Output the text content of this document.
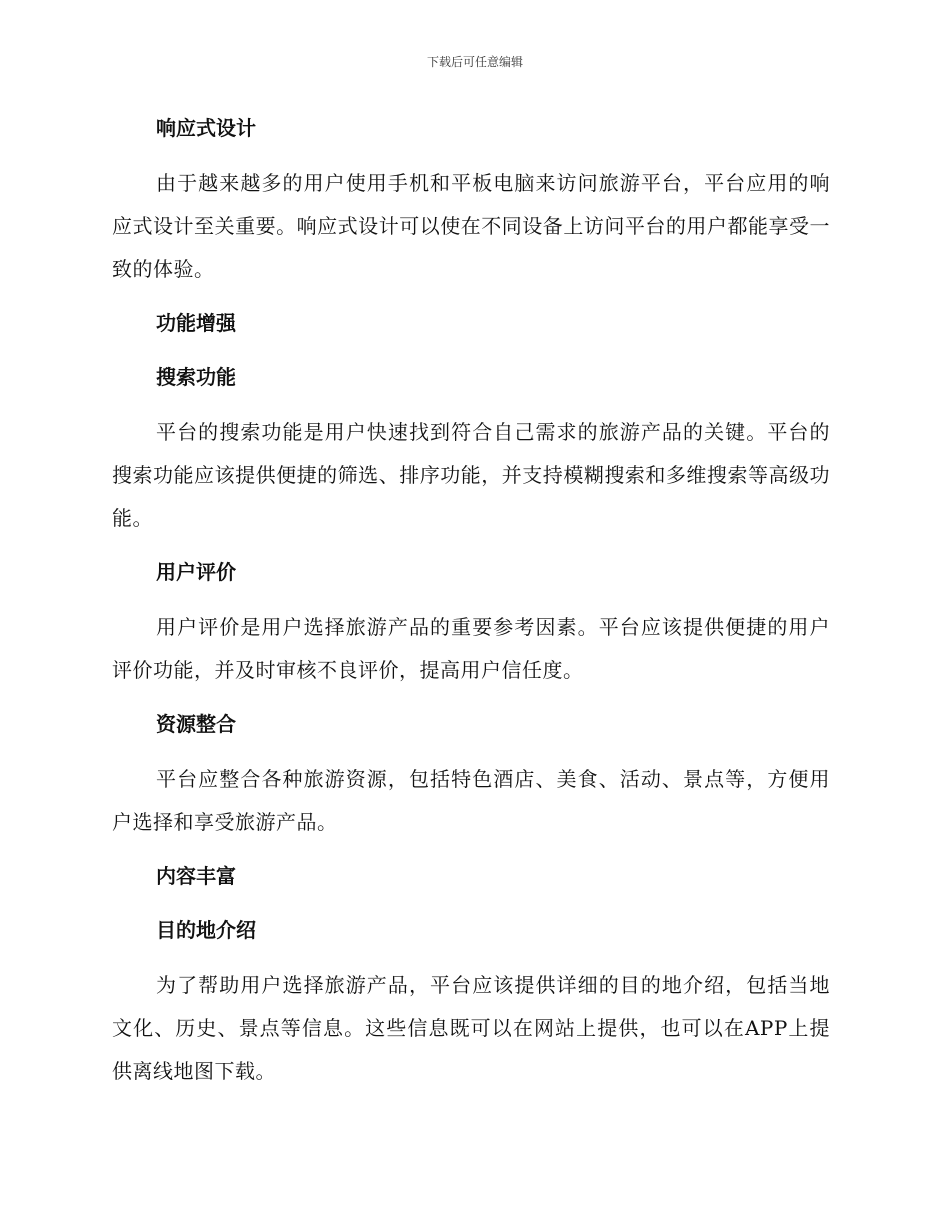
下载后可任意编辑
响应式设计
由于越来越多的用户使用手机和平板电脑来访问旅游平台，平台应用的响应式设计至关重要。响应式设计可以使在不同设备上访问平台的用户都能享受一致的体验。
功能增强
搜索功能
平台的搜索功能是用户快速找到符合自己需求的旅游产品的关键。平台的搜索功能应该提供便捷的筛选、排序功能，并支持模糊搜索和多维搜索等高级功能。
用户评价
用户评价是用户选择旅游产品的重要参考因素。平台应该提供便捷的用户评价功能，并及时审核不良评价，提高用户信任度。
资源整合
平台应整合各种旅游资源，包括特色酒店、美食、活动、景点等，方便用户选择和享受旅游产品。
内容丰富
目的地介绍
为了帮助用户选择旅游产品，平台应该提供详细的目的地介绍，包括当地文化、历史、景点等信息。这些信息既可以在网站上提供，也可以在APP上提供离线地图下载。
